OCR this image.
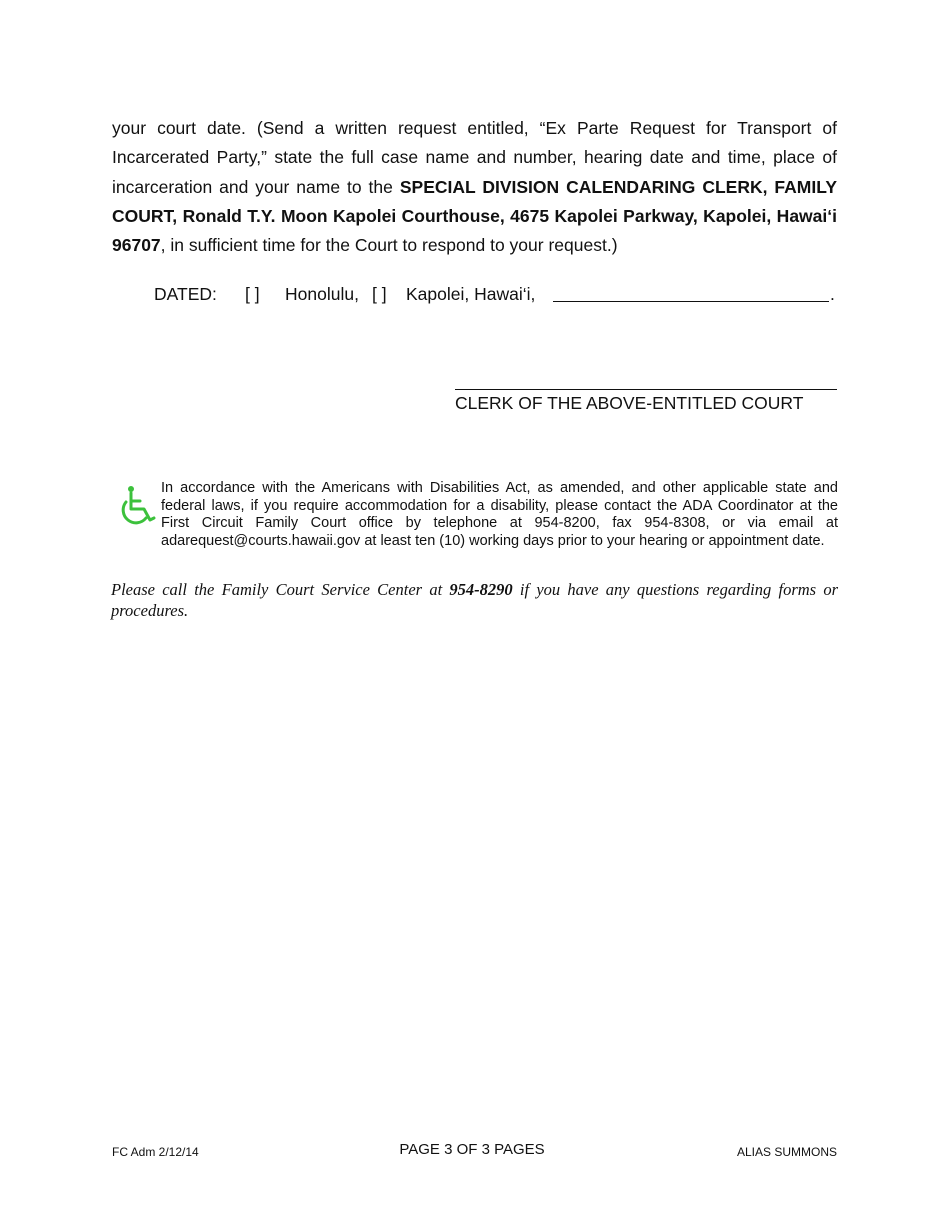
your court date. (Send a written request entitled, “Ex Parte Request for Transport of Incarcerated Party,” state the full case name and number, hearing date and time, place of incarceration and your name to the SPECIAL DIVISION CALENDARING CLERK, FAMILY COURT, Ronald T.Y. Moon Kapolei Courthouse, 4675 Kapolei Parkway, Kapolei, Hawai‘i 96707, in sufficient time for the Court to respond to your request.)

DATED: [ ] Honolulu, [ ] Kapolei, Hawai‘i,	.
CLERK OF THE ABOVE-ENTITLED COURT

In accordance with the Americans with Disabilities Act, as amended, and other applicable state and federal laws, if you require accommodation for a disability, please contact the ADA Coordinator at the First Circuit Family Court office by telephone at 954-8200, fax 954-8308, or via email at adarequest@courts.hawaii.gov at least ten (10) working days prior to your hearing or appointment date.

Please call the Family Court Service Center at 954-8290 if you have any questions regarding forms or procedures.

FC Adm 2/12/14	PAGE 3 OF 3 PAGES	ALIAS SUMMONS
